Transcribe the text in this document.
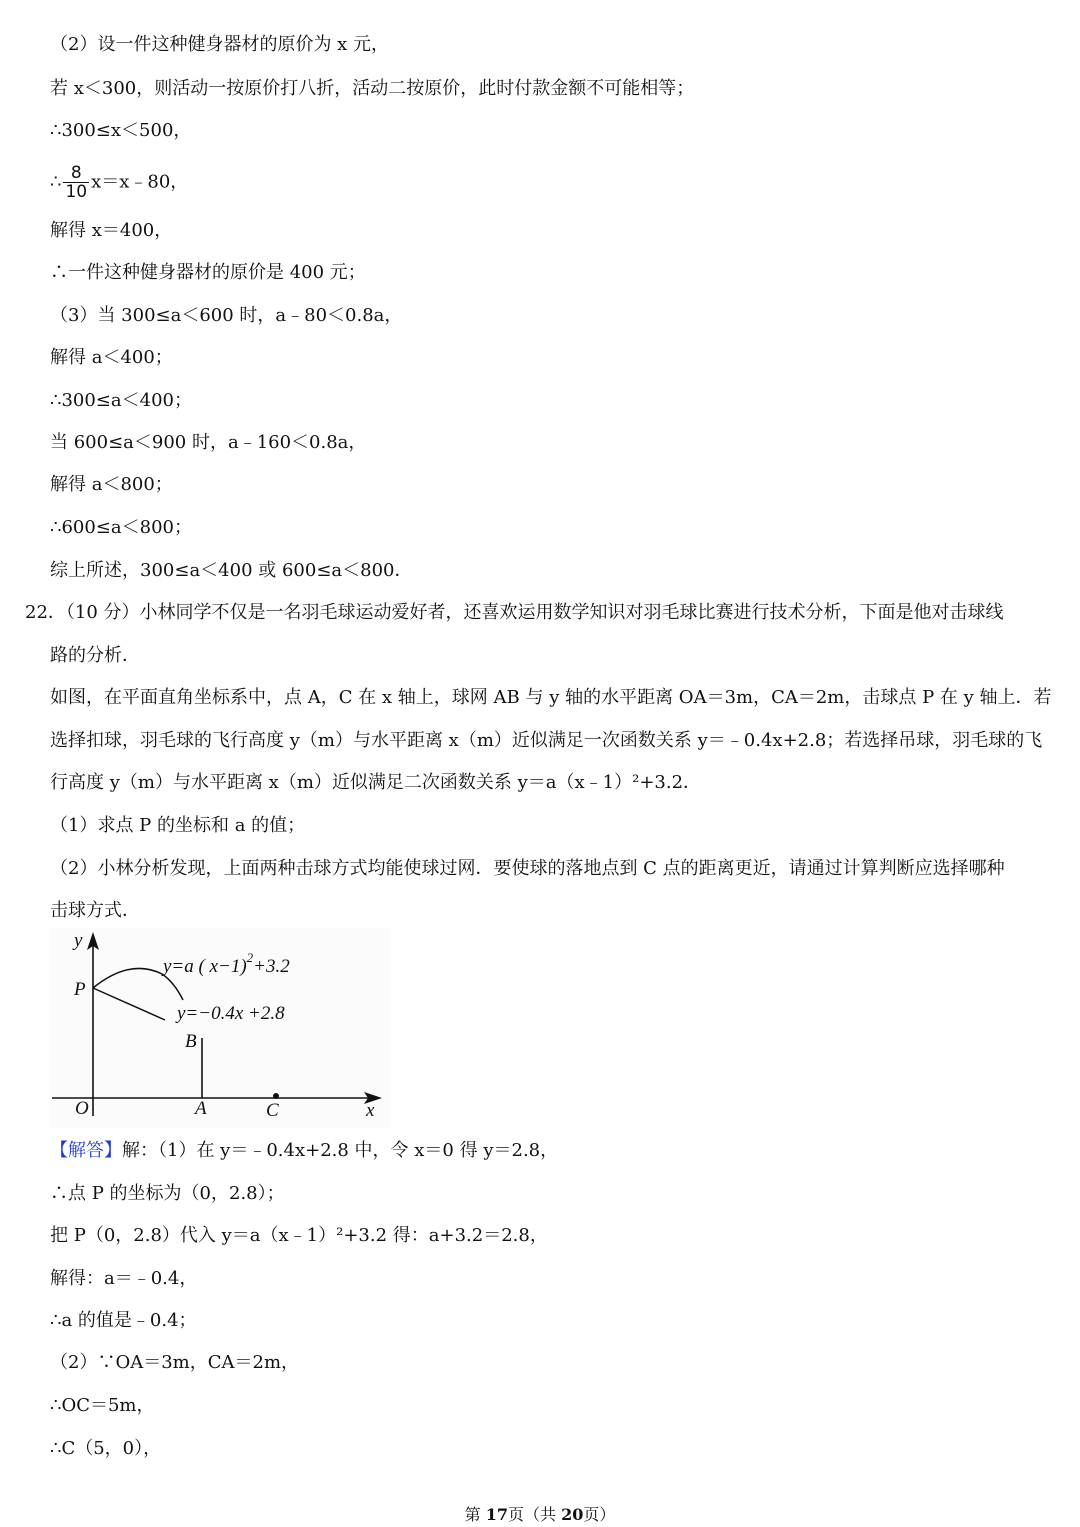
（2）设一件这种健身器材的原价为 x 元，
若 x＜300，则活动一按原价打八折，活动二按原价，此时付款金额不可能相等；
∴300≤x＜500，
∴ $\frac{8}{10}$ x＝x﹣80，
解得 x＝400，
∴一件这种健身器材的原价是 400 元；
（3）当 300≤a＜600 时，a﹣80＜0.8a，
解得 a＜400；
∴300≤a＜400；
当 600≤a＜900 时，a﹣160＜0.8a，
解得 a＜800；
∴600≤a＜800；
综上所述，300≤a＜400 或 600≤a＜800．
22．（10 分）小林同学不仅是一名羽毛球运动爱好者，还喜欢运用数学知识对羽毛球比赛进行技术分析，下面是他对击球线
路的分析．
如图，在平面直角坐标系中，点 A，C 在 x 轴上，球网 AB 与 y 轴的水平距离 OA＝3m，CA＝2m，击球点 P 在 y 轴上．若
选择扣球，羽毛球的飞行高度 y（m）与水平距离 x（m）近似满足一次函数关系 y＝﹣0.4x+2.8；若选择吊球，羽毛球的飞
行高度 y（m）与水平距离 x（m）近似满足二次函数关系 y＝a（x﹣1）²+3.2．
（1）求点 P 的坐标和 a 的值；
（2）小林分析发现，上面两种击球方式均能使球过网．要使球的落地点到 C 点的距离更近，请通过计算判断应选择哪种
击球方式．
y
x
O
P
B
A	C
y=a ( x−1)$^2$+3.2
y=−0.4x +2.8
【解答】解：（1）在 y＝﹣0.4x+2.8 中，令 x＝0 得 y＝2.8，
∴点 P 的坐标为（0，2.8）；
把 P（0，2.8）代入 y＝a（x﹣1）²+3.2 得：a+3.2＝2.8，
解得：a＝﹣0.4，
∴a 的值是﹣0.4；
（2）∵OA＝3m，CA＝2m，
∴OC＝5m，
∴C（5，0），
第 17页（共 20页）
